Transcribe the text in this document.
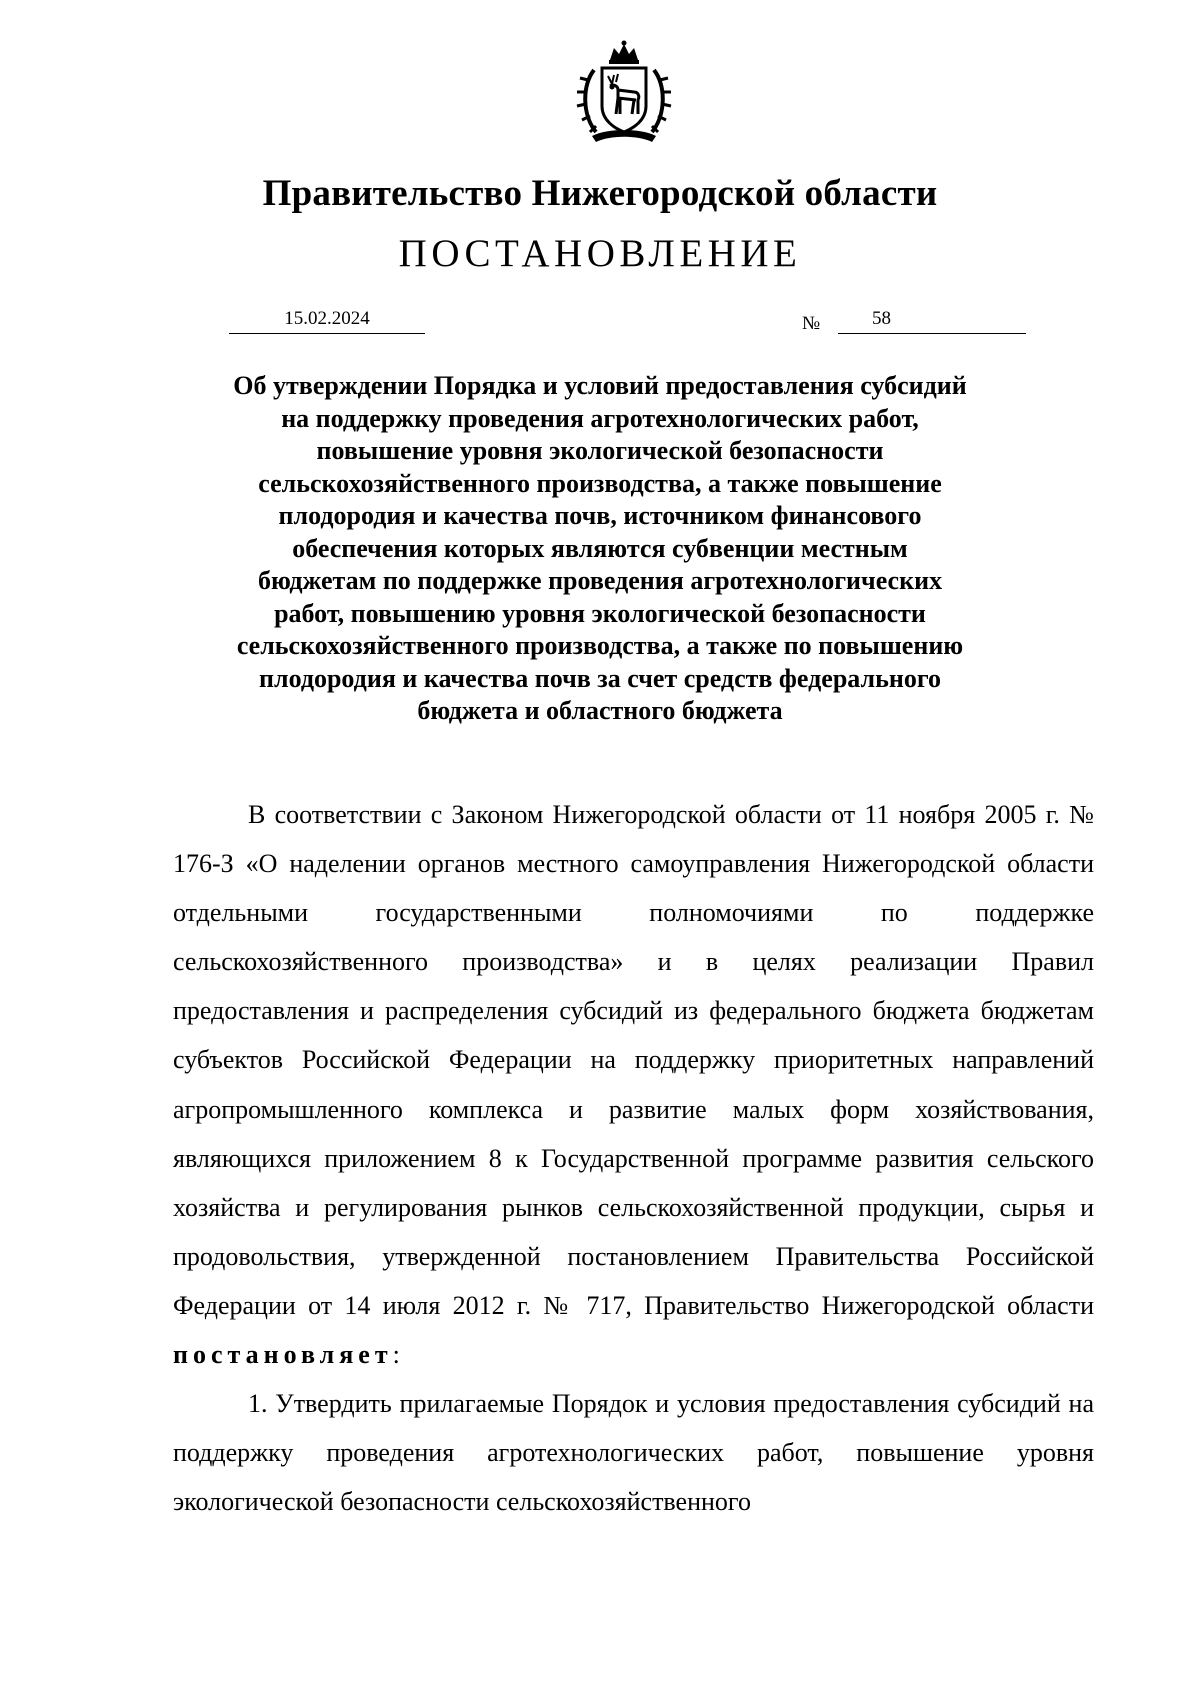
Правительство Нижегородской области
ПОСТАНОВЛЕНИЕ
15.02.2024	№	58
Об утверждении Порядка и условий предоставления субсидий
на поддержку проведения агротехнологических работ,
повышение уровня экологической безопасности
сельскохозяйственного производства, а также повышение
плодородия и качества почв, источником финансового
обеспечения которых являются субвенции местным
бюджетам по поддержке проведения агротехнологических
работ, повышению уровня экологической безопасности
сельскохозяйственного производства, а также по повышению
плодородия и качества почв за счет средств федерального
бюджета и областного бюджета

В соответствии с Законом Нижегородской области от 11 ноября 2005 г. № 176-З «О наделении органов местного самоуправления Нижегородской области отдельными государственными полномочиями по поддержке сельскохозяйственного производства» и в целях реализации Правил предоставления и распределения субсидий из федерального бюджета бюджетам субъектов Российской Федерации на поддержку приоритетных направлений агропромышленного комплекса и развитие малых форм хозяйствования, являющихся приложением 8 к Государственной программе развития сельского хозяйства и регулирования рынков сельскохозяйственной продукции, сырья и продовольствия, утвержденной постановлением Правительства Российской Федерации от 14 июля 2012 г. № 717, Правительство Нижегородской области постановляет:

1. Утвердить прилагаемые Порядок и условия предоставления субсидий на поддержку проведения агротехнологических работ, повышение уровня экологической безопасности сельскохозяйственного
